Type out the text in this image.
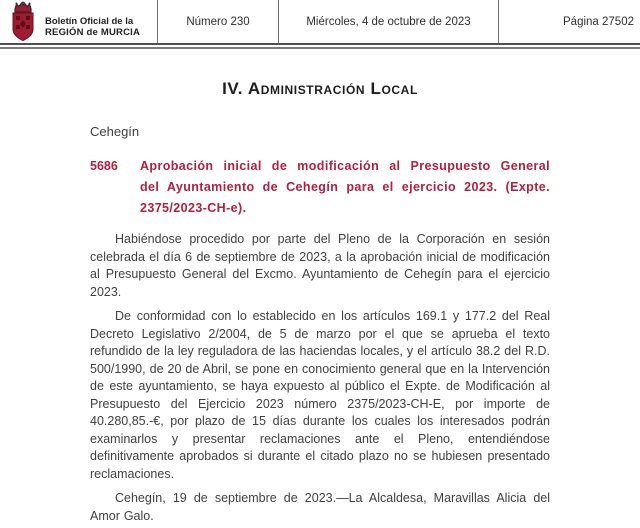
Boletín Oficial de la
REGIÓN de MURCIA
Número 230	Miércoles, 4 de octubre de 2023	Página 27502
IV. Administración Local
Cehegín
5686	Aprobación inicial de modificación al Presupuesto General del Ayuntamiento de Cehegín para el ejercicio 2023. (Expte. 2375/2023-CH-e).

Habiéndose procedido por parte del Pleno de la Corporación en sesión celebrada el día 6 de septiembre de 2023, a la aprobación inicial de modificación al Presupuesto General del Excmo. Ayuntamiento de Cehegín para el ejercicio 2023.

De conformidad con lo establecido en los artículos 169.1 y 177.2 del Real Decreto Legislativo 2/2004, de 5 de marzo por el que se aprueba el texto refundido de la ley reguladora de las haciendas locales, y el artículo 38.2 del R.D. 500/1990, de 20 de Abril, se pone en conocimiento general que en la Intervención de este ayuntamiento, se haya expuesto al público el Expte. de Modificación al Presupuesto del Ejercicio 2023 número 2375/2023-CH-E, por importe de 40.280,85.-€, por plazo de 15 días durante los cuales los interesados podrán examinarlos y presentar reclamaciones ante el Pleno, entendiéndose definitivamente aprobados si durante el citado plazo no se hubiesen presentado reclamaciones.

Cehegín, 19 de septiembre de 2023.—La Alcaldesa, Maravillas Alicia del Amor Galo.
